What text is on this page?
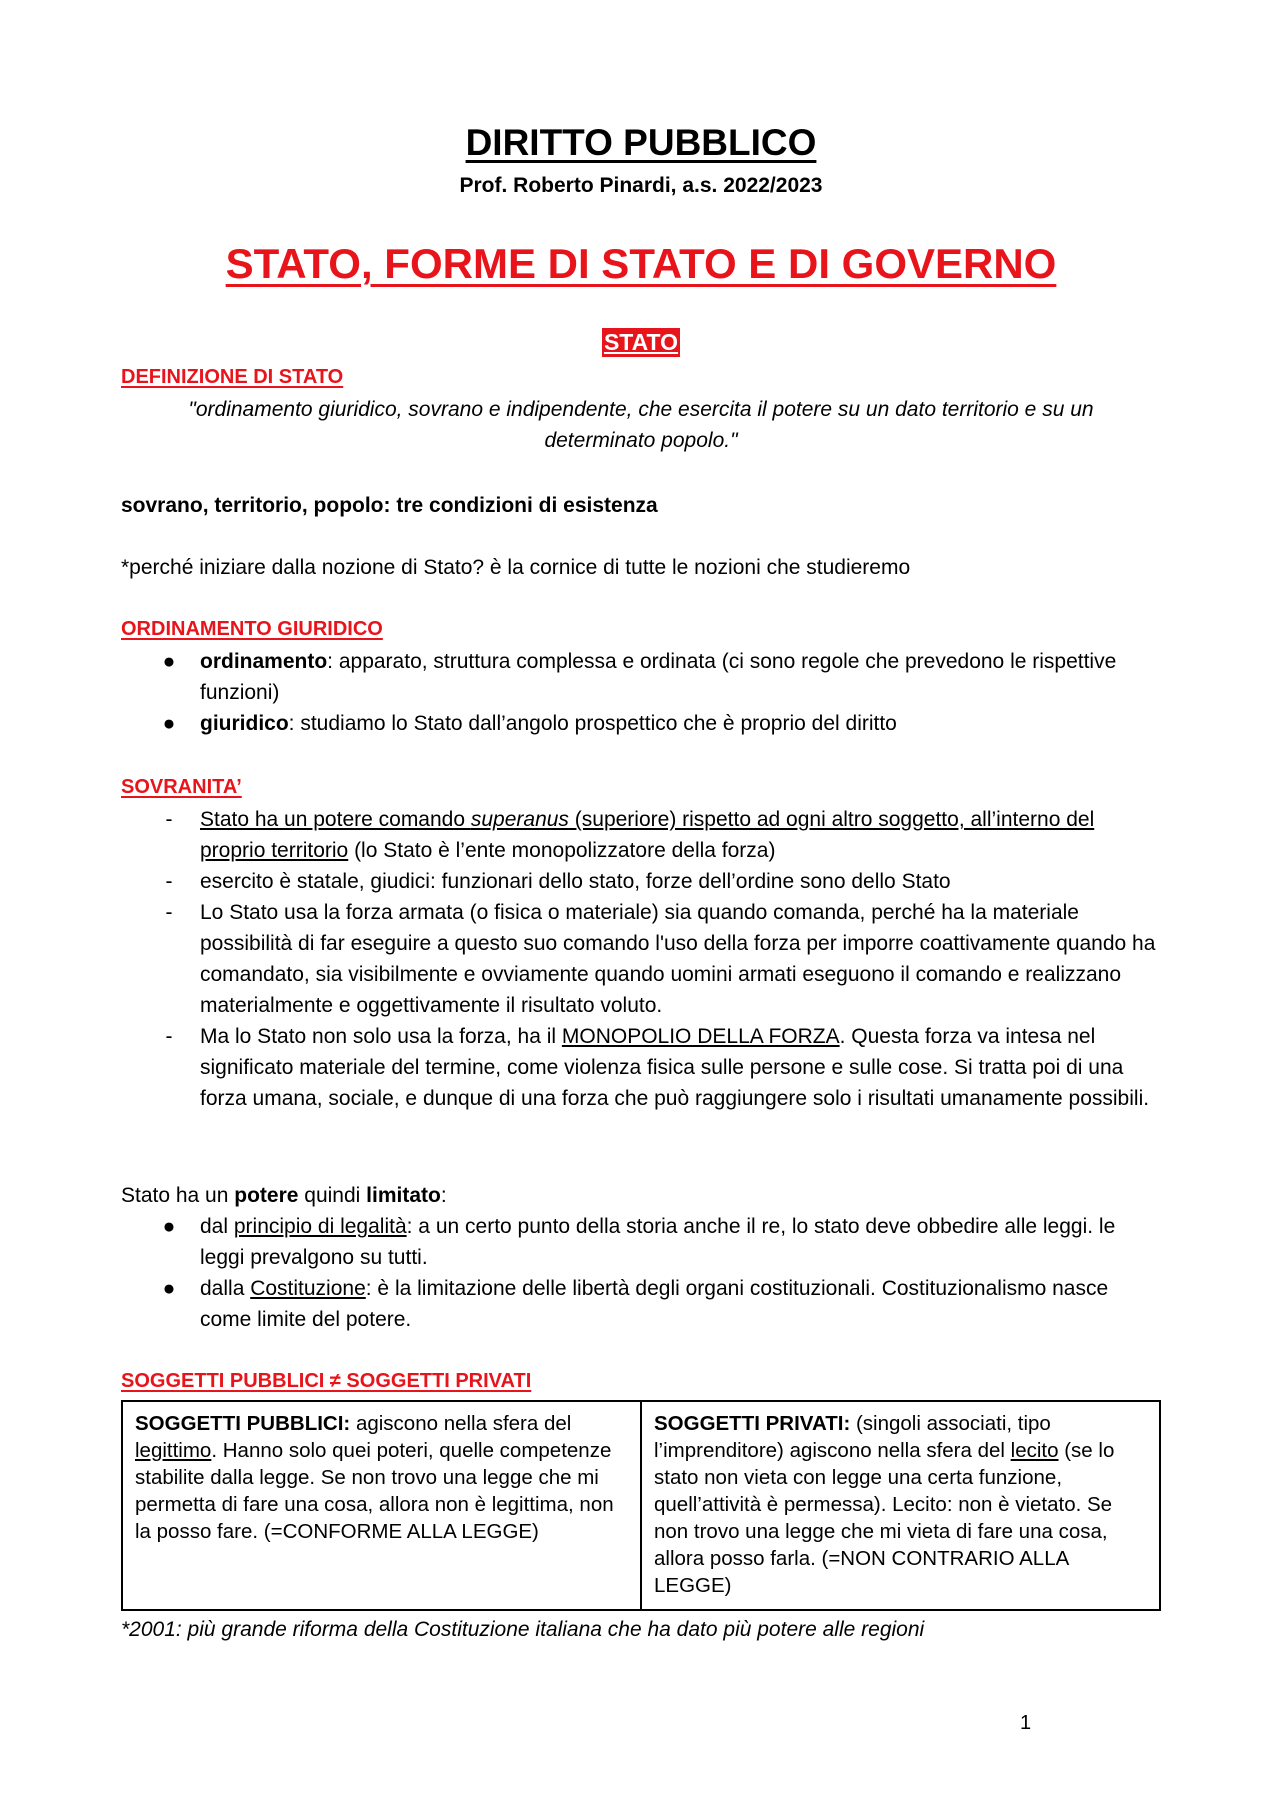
DIRITTO PUBBLICO
Prof. Roberto Pinardi, a.s. 2022/2023
STATO, FORME DI STATO E DI GOVERNO
STATO
DEFINIZIONE DI STATO
"ordinamento giuridico, sovrano e indipendente, che esercita il potere su un dato territorio e su un
determinato popolo."
sovrano, territorio, popolo: tre condizioni di esistenza
*perché iniziare dalla nozione di Stato? è la cornice di tutte le nozioni che studieremo
ORDINAMENTO GIURIDICO
● ordinamento: apparato, struttura complessa e ordinata (ci sono regole che prevedono le rispettive funzioni)
● giuridico: studiamo lo Stato dall’angolo prospettico che è proprio del diritto
SOVRANITA’
-	Stato ha un potere comando superanus (superiore) rispetto ad ogni altro soggetto, all’interno del proprio territorio (lo Stato è l’ente monopolizzatore della forza)
-	esercito è statale, giudici: funzionari dello stato, forze dell’ordine sono dello Stato
-	Lo Stato usa la forza armata (o fisica o materiale) sia quando comanda, perché ha la materiale possibilità di far eseguire a questo suo comando l'uso della forza per imporre coattivamente quando ha comandato, sia visibilmente e ovviamente quando uomini armati eseguono il comando e realizzano materialmente e oggettivamente il risultato voluto.
-	Ma lo Stato non solo usa la forza, ha il MONOPOLIO DELLA FORZA. Questa forza va intesa nel significato materiale del termine, come violenza fisica sulle persone e sulle cose. Si tratta poi di una forza umana, sociale, e dunque di una forza che può raggiungere solo i risultati umanamente possibili.
Stato ha un potere quindi limitato:
● dal principio di legalità: a un certo punto della storia anche il re, lo stato deve obbedire alle leggi. le leggi prevalgono su tutti.
● dalla Costituzione: è la limitazione delle libertà degli organi costituzionali. Costituzionalismo nasce come limite del potere.
SOGGETTI PUBBLICI ≠ SOGGETTI PRIVATI
SOGGETTI PUBBLICI: agiscono nella sfera del legittimo. Hanno solo quei poteri, quelle competenze stabilite dalla legge. Se non trovo una legge che mi permetta di fare una cosa, allora non è legittima, non la posso fare. (=CONFORME ALLA LEGGE)	SOGGETTI PRIVATI: (singoli associati, tipo l’imprenditore) agiscono nella sfera del lecito (se lo stato non vieta con legge una certa funzione, quell’attività è permessa). Lecito: non è vietato. Se non trovo una legge che mi vieta di fare una cosa, allora posso farla. (=NON CONTRARIO ALLA LEGGE)
*2001: più grande riforma della Costituzione italiana che ha dato più potere alle regioni
1
